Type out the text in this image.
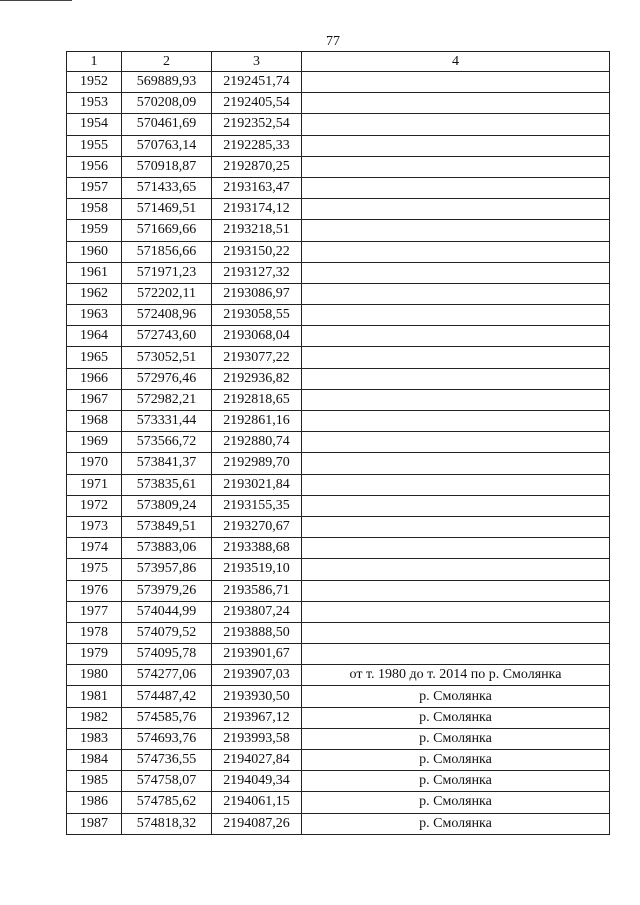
77
1	2	3	4
1952	569889,93	2192451,74	
1953	570208,09	2192405,54	
1954	570461,69	2192352,54	
1955	570763,14	2192285,33	
1956	570918,87	2192870,25	
1957	571433,65	2193163,47	
1958	571469,51	2193174,12	
1959	571669,66	2193218,51	
1960	571856,66	2193150,22	
1961	571971,23	2193127,32	
1962	572202,11	2193086,97	
1963	572408,96	2193058,55	
1964	572743,60	2193068,04	
1965	573052,51	2193077,22	
1966	572976,46	2192936,82	
1967	572982,21	2192818,65	
1968	573331,44	2192861,16	
1969	573566,72	2192880,74	
1970	573841,37	2192989,70	
1971	573835,61	2193021,84	
1972	573809,24	2193155,35	
1973	573849,51	2193270,67	
1974	573883,06	2193388,68	
1975	573957,86	2193519,10	
1976	573979,26	2193586,71	
1977	574044,99	2193807,24	
1978	574079,52	2193888,50	
1979	574095,78	2193901,67	
1980	574277,06	2193907,03	от т. 1980 до т. 2014 по р. Смолянка
1981	574487,42	2193930,50	р. Смолянка
1982	574585,76	2193967,12	р. Смолянка
1983	574693,76	2193993,58	р. Смолянка
1984	574736,55	2194027,84	р. Смолянка
1985	574758,07	2194049,34	р. Смолянка
1986	574785,62	2194061,15	р. Смолянка
1987	574818,32	2194087,26	р. Смолянка
